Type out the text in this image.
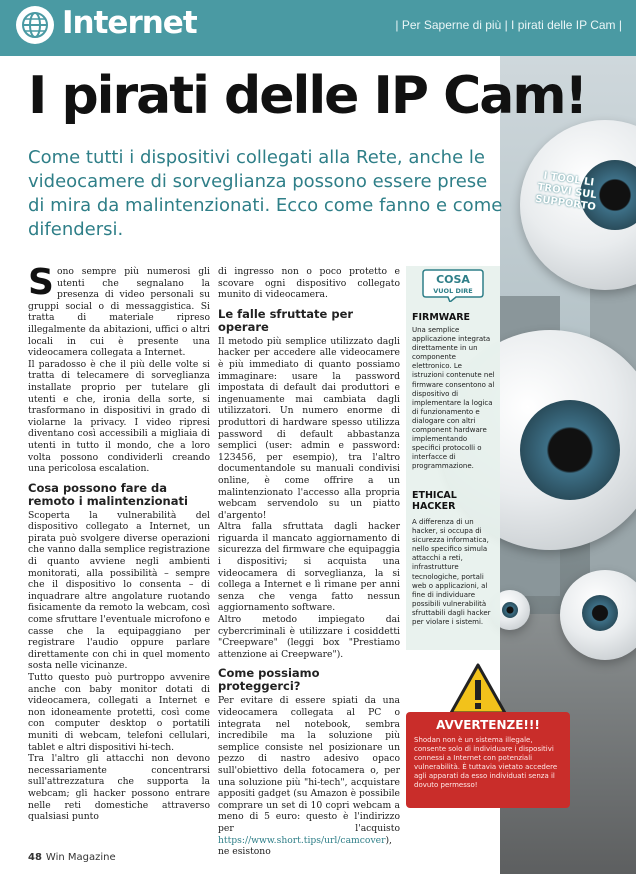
Internet	| Per Saperne di più | I pirati delle IP Cam |
I TOOL LI TROVI SUL SUPPORTO
I pirati delle IP Cam!
Come tutti i dispositivi collegati alla Rete, anche le videocamere di sorveglianza possono essere prese di mira da malintenzionati. Ecco come fanno e come difendersi.

Sono sempre più numerosi gli utenti che segnalano la presenza di video personali su gruppi social o di messaggistica. Si tratta di materiale ripreso illegalmente da abitazioni, uffici o altri locali in cui è presente una videocamera collegata a Internet.

Il paradosso è che il più delle volte si tratta di telecamere di sorveglianza installate proprio per tutelare gli utenti e che, ironia della sorte, si trasformano in dispositivi in grado di violarne la privacy. I video ripresi diventano così accessibili a migliaia di utenti in tutto il mondo, che a loro volta possono condividerli creando una pericolosa escalation.

Cosa possono fare da remoto i malintenzionati

Scoperta la vulnerabilità del dispositivo collegato a Internet, un pirata può svolgere diverse operazioni che vanno dalla semplice registrazione di quanto avviene negli ambienti monitorati, alla possibilità – sempre che il dispositivo lo consenta – di inquadrare altre angolature ruotando fisicamente da remoto la webcam, così come sfruttare l'eventuale microfono e casse che la equipaggiano per registrare l'audio oppure parlare direttamente con chi in quel momento sosta nelle vicinanze.

Tutto questo può purtroppo avvenire anche con baby monitor dotati di videocamera, collegati a Internet e non idoneamente protetti, così come con computer desktop o portatili muniti di webcam, telefoni cellulari, tablet e altri dispositivi hi-tech.

Tra l'altro gli attacchi non devono necessariamente concentrarsi sull'attrezzatura che supporta la webcam; gli hacker possono entrare nelle reti domestiche attraverso qualsiasi punto

di ingresso non o poco protetto e scovare ogni dispositivo collegato munito di videocamera.

Le falle sfruttate per operare

Il metodo più semplice utilizzato dagli hacker per accedere alle videocamere è più immediato di quanto possiamo immaginare: usare la password impostata di default dai produttori e ingenuamente mai cambiata dagli utilizzatori. Un numero enorme di produttori di hardware spesso utilizza password di default abbastanza semplici (user: admin e password: 123456, per esempio), tra l'altro documentandole su manuali condivisi online, è come offrire a un malintenzionato l'accesso alla propria webcam servendolo su un piatto d'argento!

Altra falla sfruttata dagli hacker riguarda il mancato aggiornamento di sicurezza del firmware che equipaggia i dispositivi; si acquista una videocamera di sorveglianza, la si collega a Internet e lì rimane per anni senza che venga fatto nessun aggiornamento software.

Altro metodo impiegato dai cybercriminali è utilizzare i cosiddetti "Creepware" (leggi box "Prestiamo attenzione ai Creepware").

Come possiamo proteggerci?

Per evitare di essere spiati da una videocamera collegata al PC o integrata nel notebook, sembra incredibile ma la soluzione più semplice consiste nel posizionare un pezzo di nastro adesivo opaco sull'obiettivo della fotocamera o, per una soluzione più "hi-tech", acquistare appositi gadget (su Amazon è possibile comprare un set di 10 copri webcam a meno di 5 euro: questo è l'indirizzo per l'acquisto https://www.short.tips/url/camcover), ne esistono

COSA
VUOL DIRE
FIRMWARE
Una semplice applicazione integrata direttamente in un componente elettronico. Le istruzioni contenute nel firmware consentono al dispositivo di implementare la logica di funzionamento e dialogare con altri component hardware implementando specifici protocolli o interfacce di programmazione.
ETHICAL HACKER
A differenza di un hacker, si occupa di sicurezza informatica, nello specifico simula attacchi a reti, infrastrutture tecnologiche, portali web o applicazioni, al fine di individuare possibili vulnerabilità sfruttabili dagli hacker per violare i sistemi.
AVVERTENZE!!!
Shodan non è un sistema illegale, consente solo di individuare i dispositivi connessi a Internet con potenziali vulnerabilità. È tuttavia vietato accedere agli apparati da esso individuati senza il dovuto permesso!
48 Win Magazine
